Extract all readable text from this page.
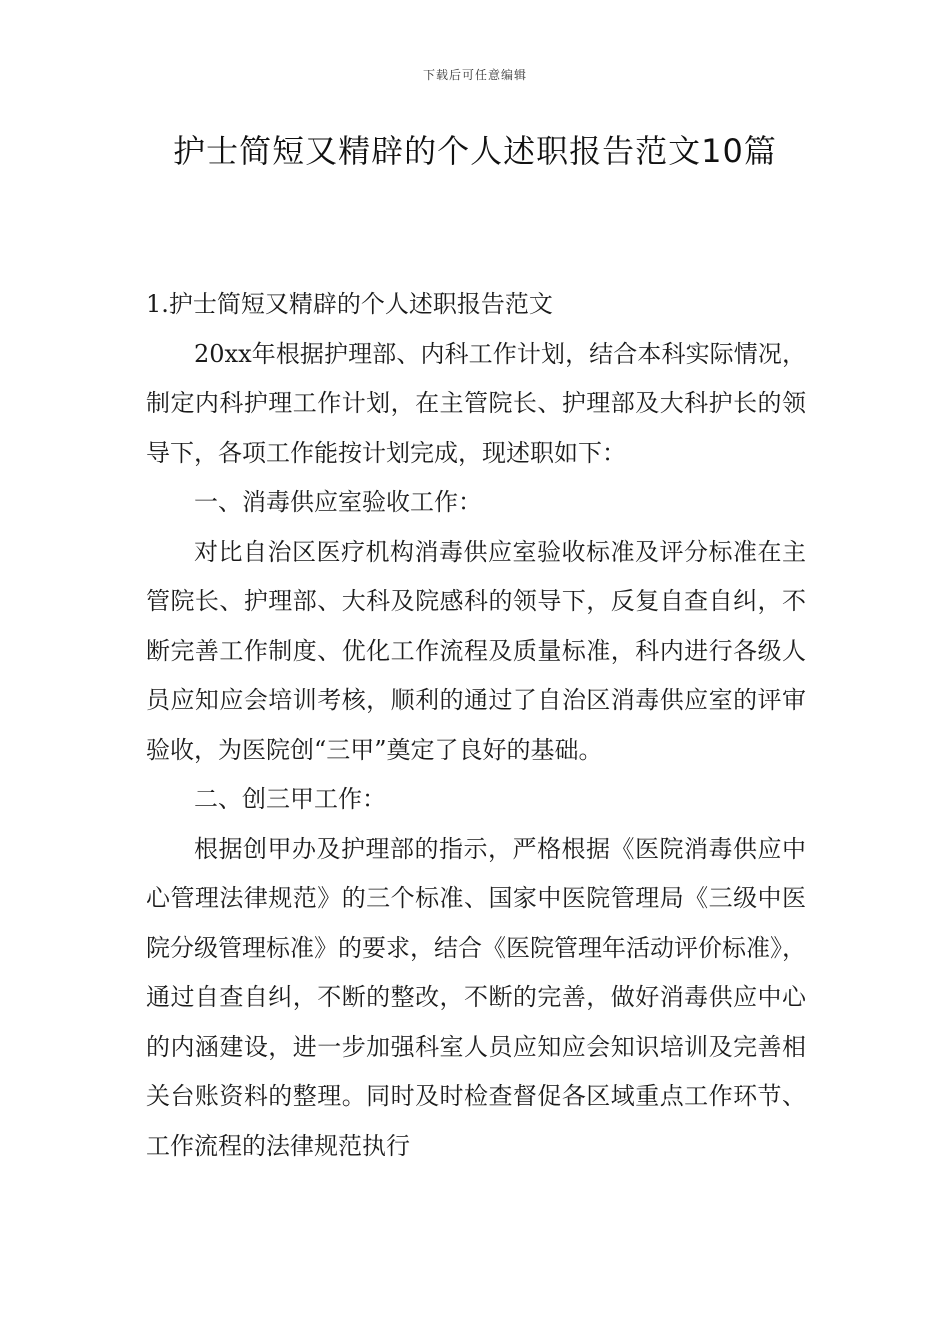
下载后可任意编辑
护士简短又精辟的个人述职报告范文10篇

1.护士简短又精辟的个人述职报告范文

20xx年根据护理部、内科工作计划，结合本科实际情况，制定内科护理工作计划，在主管院长、护理部及大科护长的领导下，各项工作能按计划完成，现述职如下：

一、消毒供应室验收工作：

对比自治区医疗机构消毒供应室验收标准及评分标准在主管院长、护理部、大科及院感科的领导下，反复自查自纠，不断完善工作制度、优化工作流程及质量标准，科内进行各级人员应知应会培训考核，顺利的通过了自治区消毒供应室的评审验收，为医院创“三甲”奠定了良好的基础。

二、创三甲工作：

根据创甲办及护理部的指示，严格根据《医院消毒供应中心管理法律规范》的三个标准、国家中医院管理局《三级中医院分级管理标准》的要求，结合《医院管理年活动评价标准》，通过自查自纠，不断的整改，不断的完善，做好消毒供应中心的内涵建设，进一步加强科室人员应知应会知识培训及完善相关台账资料的整理。同时及时检查督促各区域重点工作环节、工作流程的法律规范执行
